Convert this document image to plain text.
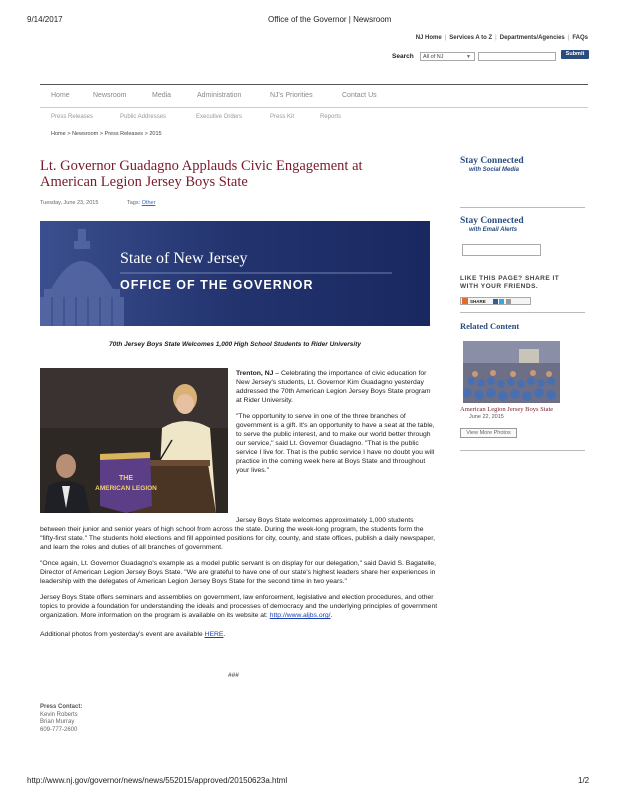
9/14/2017	Office of the Governor | Newsroom
NJ Home | Services A to Z | Departments/Agencies | FAQs
Search	All of NJ	▼	Submit
Home	Newsroom	Media	Administration	NJ's Priorities	Contact Us
Press Releases	Public Addresses	Executive Orders	Press Kit	Reports
Home > Newsroom > Press Releases > 2015
Lt. Governor Guadagno Applauds Civic Engagement at American Legion Jersey Boys State
Tuesday, June 23, 2015	Tags: Other
State of New Jersey
OFFICE OF THE GOVERNOR
70th Jersey Boys State Welcomes 1,000 High School Students to Rider University
THE
AMERICAN LEGION

Trenton, NJ – Celebrating the importance of civic education for New Jersey's students, Lt. Governor Kim Guadagno yesterday addressed the 70th American Legion Jersey Boys State program at Rider University.

"The opportunity to serve in one of the three branches of government is a gift. It's an opportunity to have a seat at the table, to serve the public interest, and to make our world better through our service," said Lt. Governor Guadagno. "That is the public service I live for. That is the public service I have no doubt you will practice in the coming week here at Boys State and throughout your lives."

Jersey Boys State welcomes approximately 1,000 students between their junior and senior years of high school from across the state. During the week-long program, the students form the "fifty-first state." The students hold elections and fill appointed positions for city, county, and state offices, publish a daily newspaper, and learn the roles and duties of all branches of government.

"Once again, Lt. Governor Guadagno's example as a model public servant is on display for our delegation," said David S. Bagatelle, Director of American Legion Jersey Boys State. "We are grateful to have one of our state's highest leaders share her experiences in leadership with the delegates of American Legion Jersey Boys State for the second time in two years."

Jersey Boys State offers seminars and assemblies on government, law enforcement, legislative and election procedures, and other topics to provide a foundation for understanding the ideals and processes of democracy and the underlying principles of government organization. More information on the program is available on its website at: http://www.aljbs.org/.

Additional photos from yesterday's event are available HERE.

###
Press Contact:
Kevin Roberts
Brian Murray
609-777-2600
Stay Connected
with Social Media
Stay Connected
with Email Alerts
LIKE THIS PAGE? SHARE IT
WITH YOUR FRIENDS.
SHARE
Related Content
American Legion Jersey Boys State
June 22, 2015
View More Photos
http://www.nj.gov/governor/news/news/552015/approved/20150623a.html	1/2
